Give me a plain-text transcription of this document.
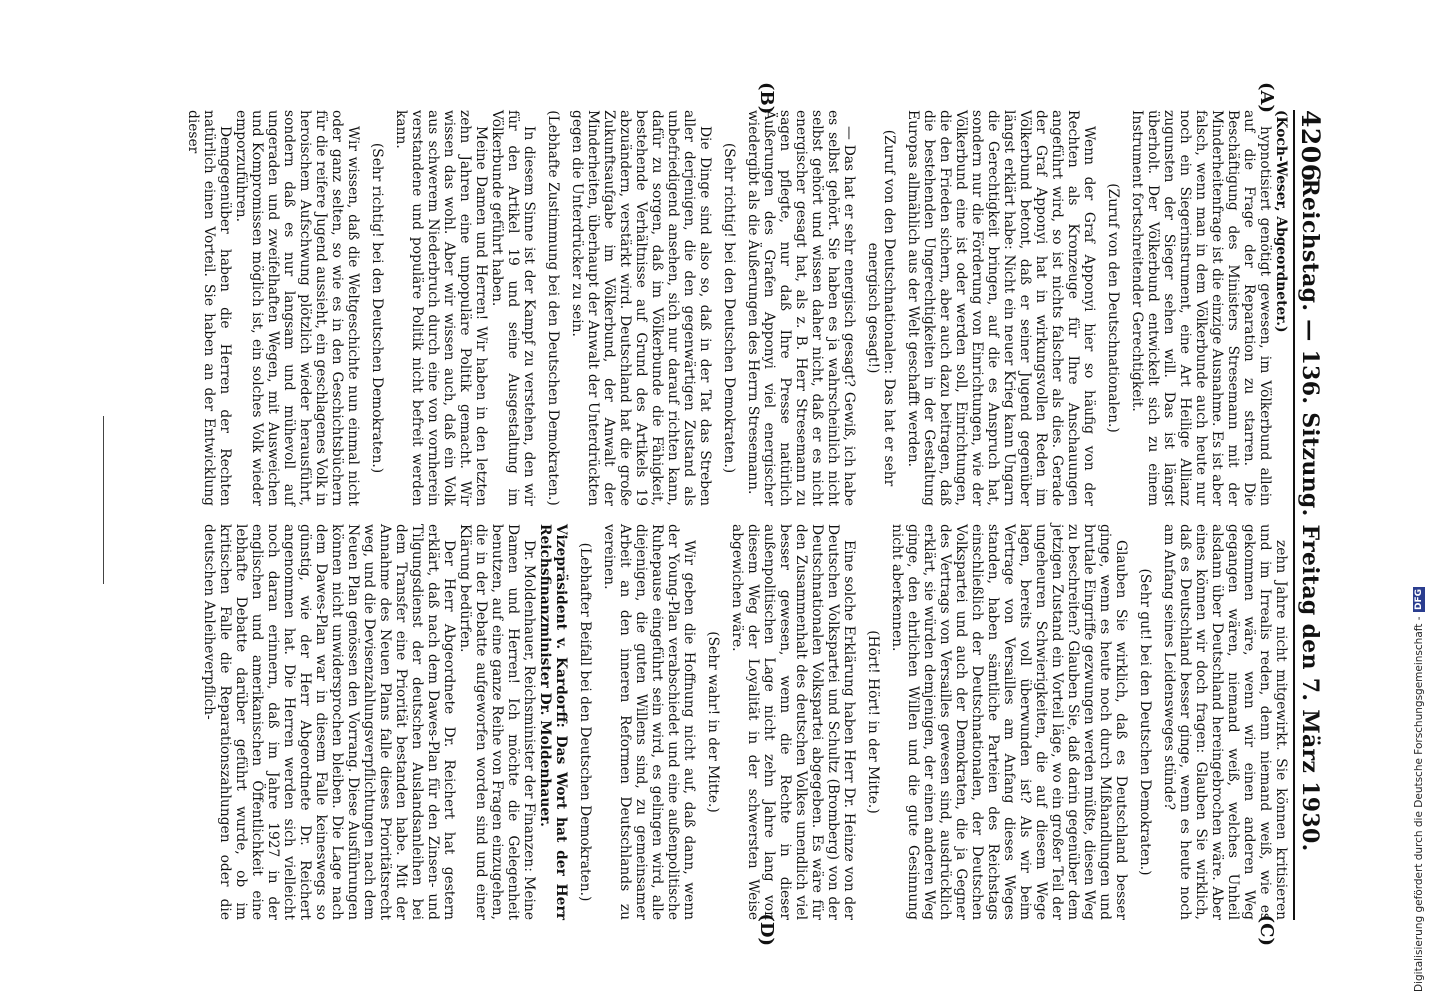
4206
Reichstag. — 136. Sitzung. Freitag den 7. März 1930.
(A)
(B)
(C)
(D)

(Koch-Weser, Abgeordneter.)

hypnotisiert genötigt gewesen, im Völkerbund allein auf die Frage der Reparation zu starren. Die Beschäftigung des Ministers Stresemann mit der Minderheitenfrage ist die einzige Ausnahme. Es ist aber falsch, wenn man in dem Völkerbunde auch heute nur noch ein Siegerinstrument, eine Art Heilige Allianz zugunsten der Sieger sehen will. Das ist längst überholt. Der Völkerbund entwickelt sich zu einem Instrument fortschreitender Gerechtigkeit.

(Zuruf von den Deutschnationalen.)

Wenn der Graf Apponyi hier so häufig von der Rechten als Kronzeuge für Ihre Anschauungen angeführt wird, so ist nichts falscher als dies. Gerade der Graf Apponyi hat in wirkungsvollen Reden im Völkerbund betont, daß er seiner Jugend gegenüber längst erklärt habe: Nicht ein neuer Krieg kann Ungarn die Gerechtigkeit bringen, auf die es Anspruch hat, sondern nur die Förderung von Einrichtungen, wie der Völkerbund eine ist oder werden soll, Einrichtungen, die den Frieden sichern, aber auch dazu beitragen, daß die bestehenden Ungerechtigkeiten in der Gestaltung Europas allmählich aus der Welt geschafft werden.

(Zuruf von den Deutschnationalen: Das hat er sehr energisch gesagt!)

— Das hat er sehr energisch gesagt? Gewiß, ich habe es selbst gehört. Sie haben es ja wahrscheinlich nicht selbst gehört und wissen daher nicht, daß er es nicht energischer gesagt hat, als z. B. Herr Stresemann zu sagen pflegte, nur daß Ihre Presse natürlich Äußerungen des Grafen Apponyi viel energischer wiedergibt als die Äußerungen des Herrn Stresemann.

(Sehr richtig! bei den Deutschen Demokraten.)

Die Dinge sind also so, daß in der Tat das Streben aller derjenigen, die den gegenwärtigen Zustand als unbefriedigend ansehen, sich nur darauf richten kann, dafür zu sorgen, daß im Völkerbunde die Fähigkeit, bestehende Verhältnisse auf Grund des Artikels 19 abzuändern, verstärkt wird. Deutschland hat die große Zukunftsaufgabe im Völkerbund, der Anwalt der Minderheiten, überhaupt der Anwalt der Unterdrückten gegen die Unterdrücker zu sein.

(Lebhafte Zustimmung bei den Deutschen Demokraten.)

In diesem Sinne ist der Kampf zu verstehen, den wir für den Artikel 19 und seine Ausgestaltung im Völkerbunde geführt haben.

Meine Damen und Herren! Wir haben in den letzten zehn Jahren eine unpopuläre Politik gemacht. Wir wissen das wohl. Aber wir wissen auch, daß ein Volk aus schwerem Niederbruch durch eine von vornherein verstandene und populäre Politik nicht befreit werden kann.

(Sehr richtig! bei den Deutschen Demokraten.)

Wir wissen, daß die Weltgeschichte nun einmal nicht oder ganz selten, so wie es in den Geschichtsbüchern für die reifere Jugend aussieht, ein geschlagenes Volk in heroischem Aufschwung plötzlich wieder herausführt, sondern daß es nur langsam und mühevoll auf ungeraden und zweifelhaften Wegen, mit Ausweichen und Kompromissen möglich ist, ein solches Volk wieder emporzuführen.

Demgegenüber haben die Herren der Rechten natürlich einen Vorteil. Sie haben an der Entwicklung dieser

zehn Jahre nicht mitgewirkt. Sie können kritisieren und im Irrealis reden, denn niemand weiß, wie es gekommen wäre, wenn wir einen anderen Weg gegangen wären, niemand weiß, welches Unheil alsdann über Deutschland hereingebrochen wäre. Aber eines können wir doch fragen: Glauben Sie wirklich, daß es Deutschland besser ginge, wenn es heute noch am Anfang seines Leidensweges stünde?

(Sehr gut! bei den Deutschen Demokraten.)

Glauben Sie wirklich, daß es Deutschland besser ginge, wenn es heute noch durch Mißhandlungen und brutale Eingriffe gezwungen werden müßte, diesen Weg zu beschreiten? Glauben Sie, daß darin gegenüber dem jetzigen Zustand ein Vorteil läge, wo ein großer Teil der ungeheuren Schwierigkeiten, die auf diesem Wege lagen, bereits voll überwunden ist? Als wir beim Vertrage von Versailles am Anfang dieses Weges standen, haben sämtliche Parteien des Reichstags einschließlich der Deutschnationalen, der Deutschen Volkspartei und auch der Demokraten, die ja Gegner des Vertrags von Versailles gewesen sind, ausdrücklich erklärt, sie würden demjenigen, der einen anderen Weg ginge, den ehrlichen Willen und die gute Gesinnung nicht aberkennen.

(Hört! Hört! in der Mitte.)

Eine solche Erklärung haben Herr Dr. Heinze von der Deutschen Volkspartei und Schultz (Bromberg) von der Deutschnationalen Volkspartei abgegeben. Es wäre für den Zusammenhalt des deutschen Volkes unendlich viel besser gewesen, wenn die Rechte in dieser außenpolitischen Lage nicht zehn Jahre lang von diesem Weg der Loyalität in der schwersten Weise abgewichen wäre.

(Sehr wahr! in der Mitte.)

Wir geben die Hoffnung nicht auf, daß dann, wenn der Young-Plan verabschiedet und eine außenpolitische Ruhepause eingeführt sein wird, es gelingen wird, alle diejenigen, die guten Willens sind, zu gemeinsamer Arbeit an den inneren Reformen Deutschlands zu vereinen.

(Lebhafter Beifall bei den Deutschen Demokraten.)

Vizepräsident v. Kardorff: Das Wort hat der Herr Reichsfinanzminister Dr. Moldenhauer.

Dr. Moldenhauer, Reichsminister der Finanzen: Meine Damen und Herren! Ich möchte die Gelegenheit benutzen, auf eine ganze Reihe von Fragen einzugehen, die in der Debatte aufgeworfen worden sind und einer Klärung bedürfen.

Der Herr Abgeordnete Dr. Reichert hat gestern erklärt, daß nach dem Dawes-Plan für den Zinsen- und Tilgungsdienst der deutschen Auslandsanleihen bei dem Transfer eine Priorität bestanden habe. Mit der Annahme des Neuen Plans falle dieses Prioritätsrecht weg, und die Devisenzahlungsverpflichtungen nach dem Neuen Plan genössen den Vorrang. Diese Ausführungen können nicht unwidersprochen bleiben. Die Lage nach dem Dawes-Plan war in diesem Falle keineswegs so günstig, wie der Herr Abgeordnete Dr. Reichert angenommen hat. Die Herren werden sich vielleicht noch daran erinnern, daß im Jahre 1927 in der englischen und amerikanischen Öffentlichkeit eine lebhafte Debatte darüber geführt wurde, ob im kritischen Falle die Reparationszahlungen oder die deutschen Anleiheverpflich-	Digitalisierung gefördert durch die Deutsche Forschungsgemeinschaft -
DFG
